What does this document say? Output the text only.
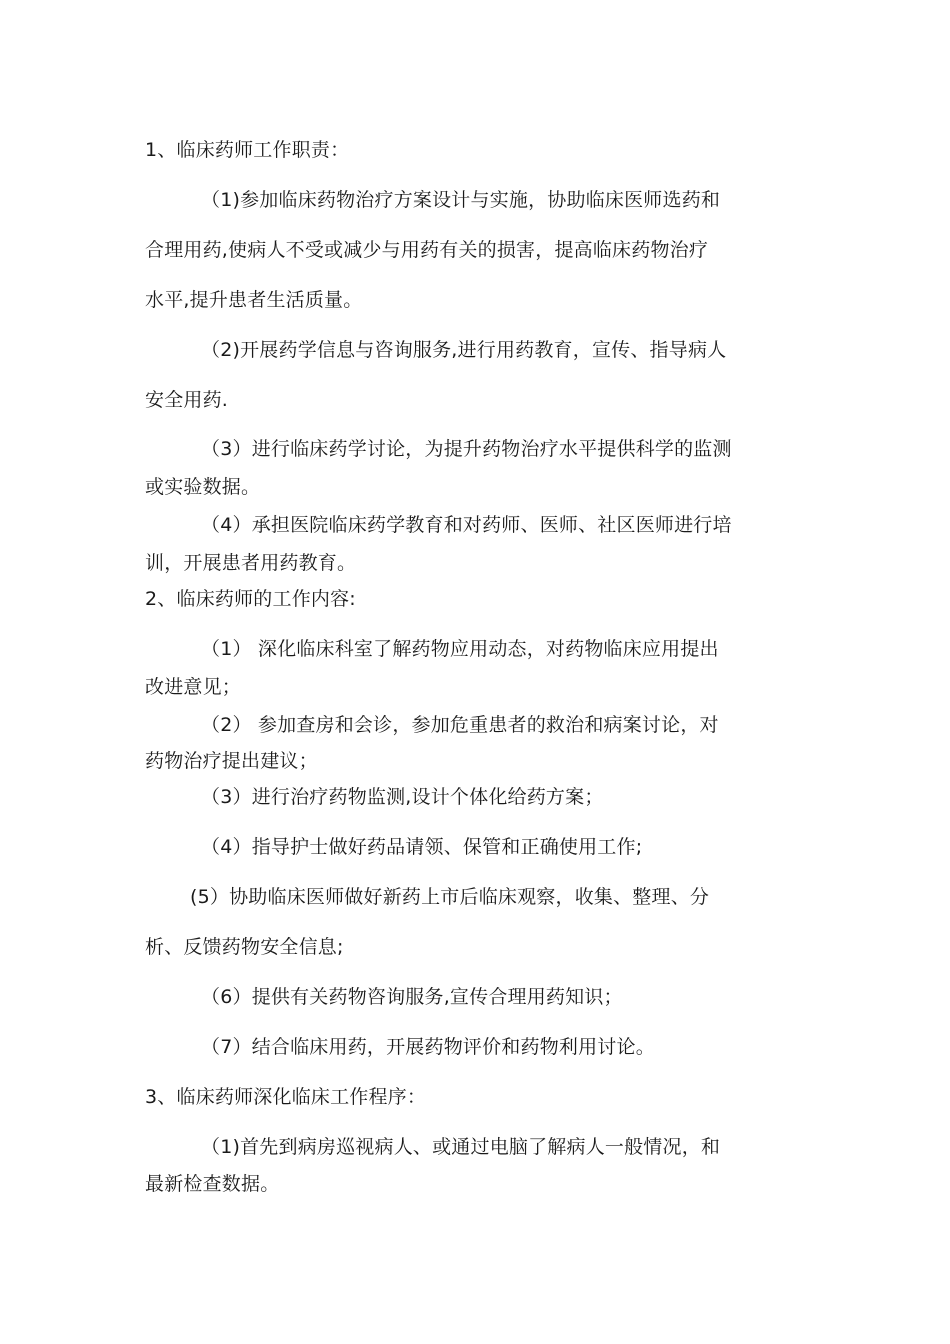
1、临床药师工作职责：
（1)参加临床药物治疗方案设计与实施，协助临床医师选药和
合理用药,使病人不受或减少与用药有关的损害，提高临床药物治疗
水平,提升患者生活质量。
（2)开展药学信息与咨询服务,进行用药教育，宣传、指导病人
安全用药.
（3）进行临床药学讨论，为提升药物治疗水平提供科学的监测
或实验数据。
（4）承担医院临床药学教育和对药师、医师、社区医师进行培
训，开展患者用药教育。
2、临床药师的工作内容:
（1） 深化临床科室了解药物应用动态，对药物临床应用提出
改进意见；
（2） 参加查房和会诊，参加危重患者的救治和病案讨论，对
药物治疗提出建议；
（3）进行治疗药物监测,设计个体化给药方案；
（4）指导护士做好药品请领、保管和正确使用工作;
(5）协助临床医师做好新药上市后临床观察，收集、整理、分
析、反馈药物安全信息;
（6）提供有关药物咨询服务,宣传合理用药知识；
（7）结合临床用药，开展药物评价和药物利用讨论。
3、临床药师深化临床工作程序：
（1)首先到病房巡视病人、或通过电脑了解病人一般情况，和
最新检查数据。
